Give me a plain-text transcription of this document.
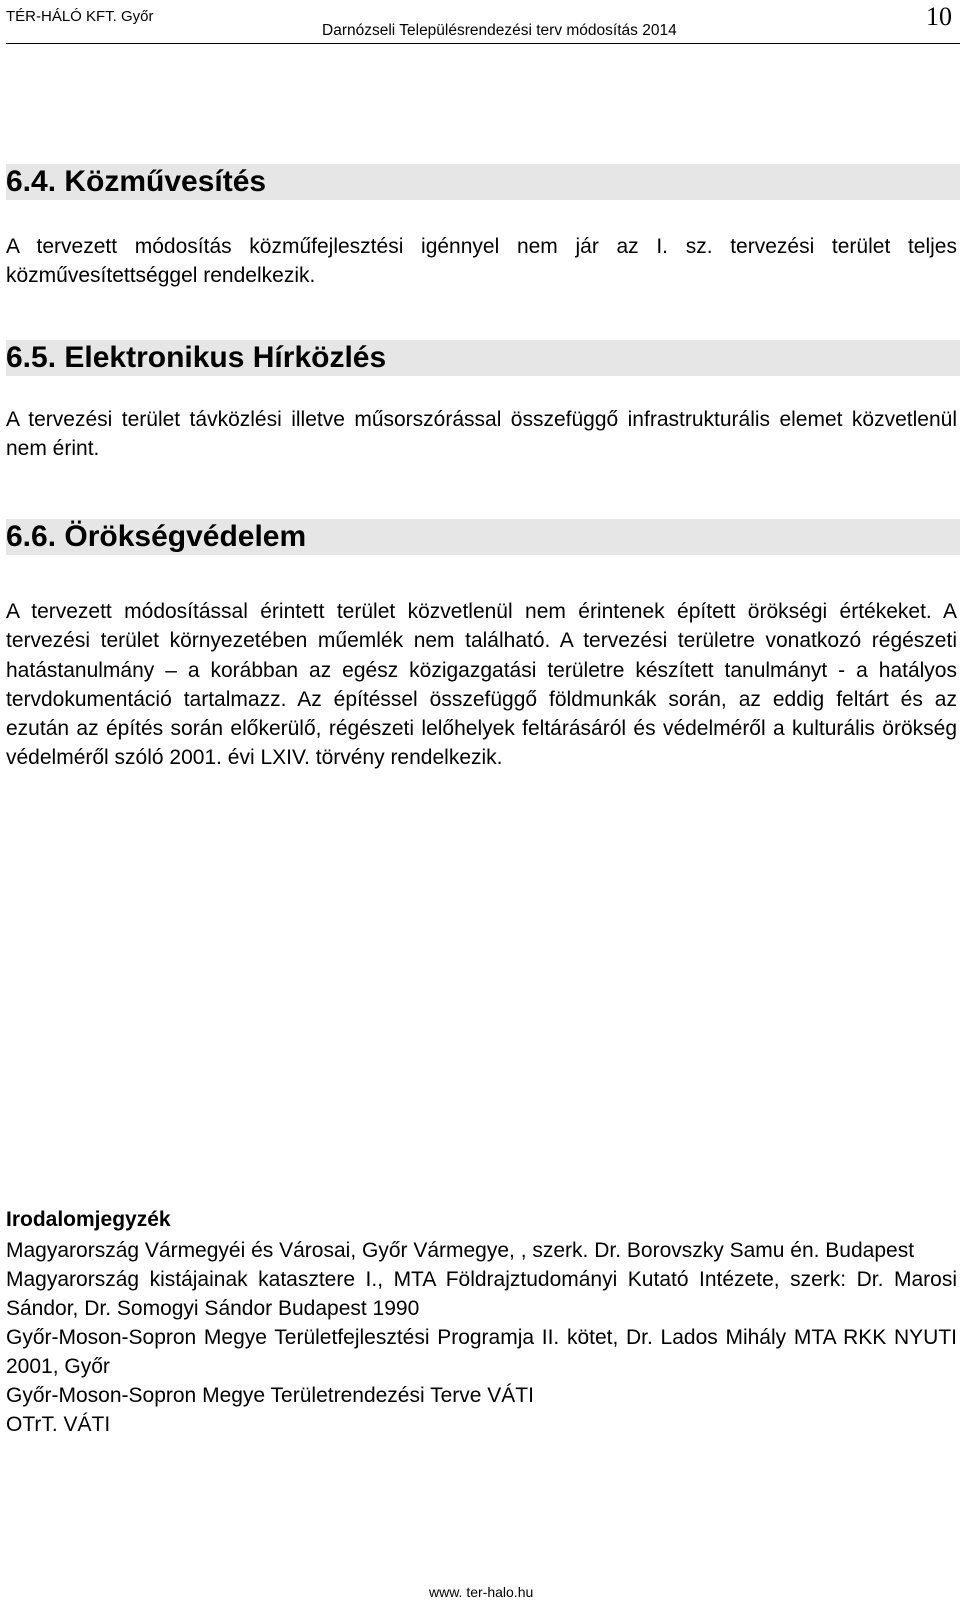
TÉR-HÁLÓ KFT. Győr
Darnózseli Településrendezési terv módosítás 2014	10
6.4. Közművesítés
A tervezett módosítás közműfejlesztési igénnyel nem jár az I. sz. tervezési terület teljes közművesítettséggel rendelkezik.
6.5. Elektronikus Hírközlés
A tervezési terület távközlési illetve műsorszórással összefüggő infrastrukturális elemet közvetlenül nem érint.
6.6. Örökségvédelem
A tervezett módosítással érintett terület közvetlenül nem érintenek épített örökségi értékeket. A tervezési terület környezetében műemlék nem található. A tervezési területre vonatkozó régészeti hatástanulmány – a korábban az egész közigazgatási területre készített tanulmányt - a hatályos tervdokumentáció tartalmazz. Az építéssel összefüggő földmunkák során, az eddig feltárt és az ezután az építés során előkerülő, régészeti lelőhelyek feltárásáról és védelméről a kulturális örökség védelméről szóló 2001. évi LXIV. törvény rendelkezik.
Irodalomjegyzék
Magyarország Vármegyéi és Városai, Győr Vármegye, , szerk. Dr. Borovszky Samu én. Budapest
Magyarország kistájainak katasztere I., MTA Földrajztudományi Kutató Intézete, szerk: Dr. Marosi Sándor, Dr. Somogyi Sándor Budapest 1990
Győr-Moson-Sopron Megye Területfejlesztési Programja II. kötet, Dr. Lados Mihály MTA RKK NYUTI 2001, Győr
Győr-Moson-Sopron Megye Területrendezési Terve VÁTI
OTrT. VÁTI
www. ter-halo.hu
